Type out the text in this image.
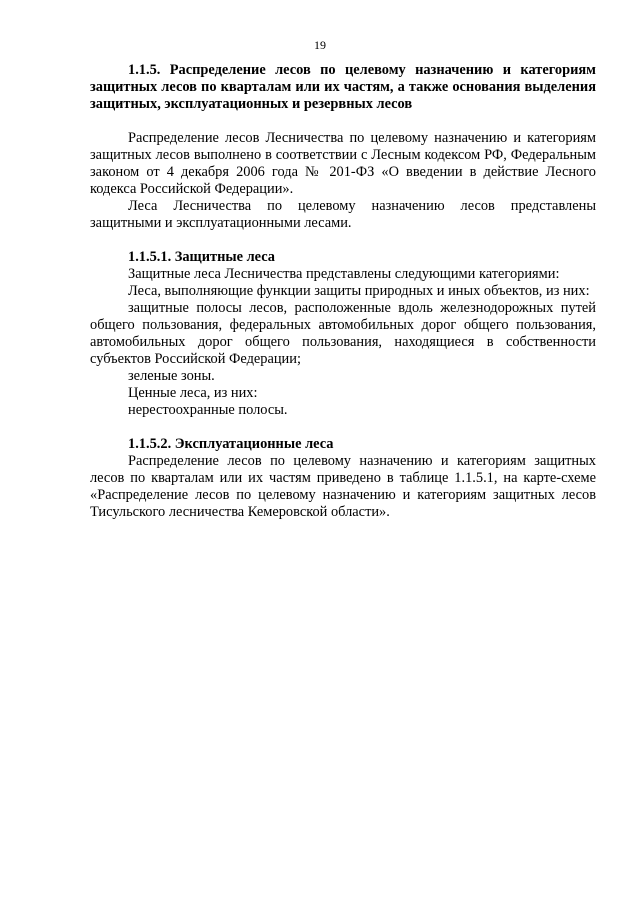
19

1.1.5. Распределение лесов по целевому назначению и категориям защитных лесов по кварталам или их частям, а также основания выделения защитных, эксплуатационных и резервных лесов

Распределение лесов Лесничества по целевому назначению и категориям защитных лесов выполнено в соответствии с Лесным кодексом РФ, Федеральным законом от 4 декабря 2006 года № 201-ФЗ «О введении в действие Лесного кодекса Российской Федерации».

Леса Лесничества по целевому назначению лесов представлены защитными и эксплуатационными лесами.

1.1.5.1. Защитные леса

Защитные леса Лесничества представлены следующими категориями:

Леса, выполняющие функции защиты природных и иных объектов, из них:

защитные полосы лесов, расположенные вдоль железнодорожных путей общего пользования, федеральных автомобильных дорог общего пользования, автомобильных дорог общего пользования, находящиеся в собственности субъектов Российской Федерации;

зеленые зоны.

Ценные леса, из них:

нерестоохранные полосы.

1.1.5.2. Эксплуатационные леса

Распределение лесов по целевому назначению и категориям защитных лесов по кварталам или их частям приведено в таблице 1.1.5.1, на карте-схеме «Распределение лесов по целевому назначению и категориям защитных лесов Тисульского лесничества Кемеровской области».
